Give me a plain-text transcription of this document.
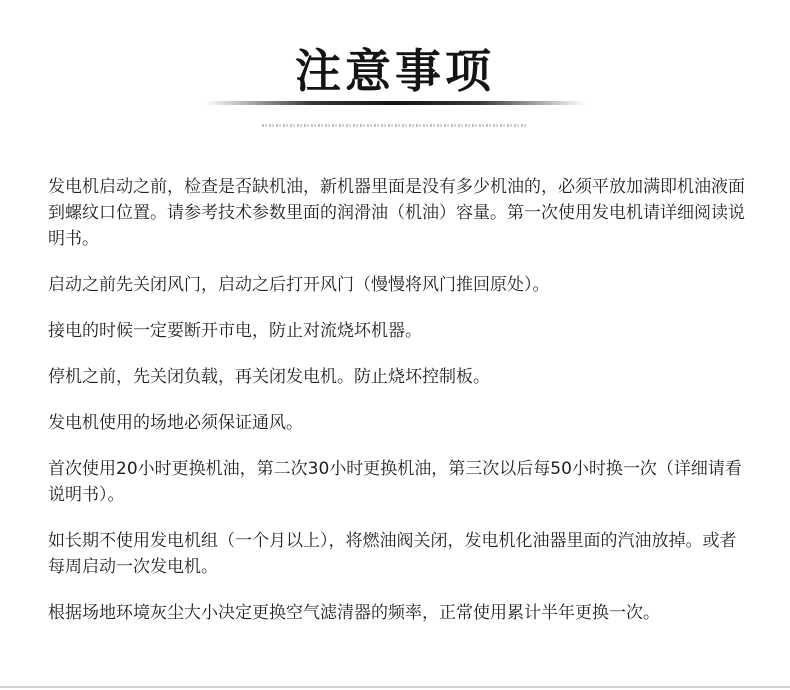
注意事项
发电机启动之前，检查是否缺机油，新机器里面是没有多少机油的，必须平放加满即机油液面到螺纹口位置。请参考技术参数里面的润滑油（机油）容量。第一次使用发电机请详细阅读说明书。
启动之前先关闭风门，启动之后打开风门（慢慢将风门推回原处）。
接电的时候一定要断开市电，防止对流烧坏机器。
停机之前，先关闭负载，再关闭发电机。防止烧坏控制板。
发电机使用的场地必须保证通风。
首次使用20小时更换机油，第二次30小时更换机油，第三次以后每50小时换一次（详细请看说明书）。
如长期不使用发电机组（一个月以上），将燃油阀关闭，发电机化油器里面的汽油放掉。或者每周启动一次发电机。
根据场地环境灰尘大小决定更换空气滤清器的频率，正常使用累计半年更换一次。
